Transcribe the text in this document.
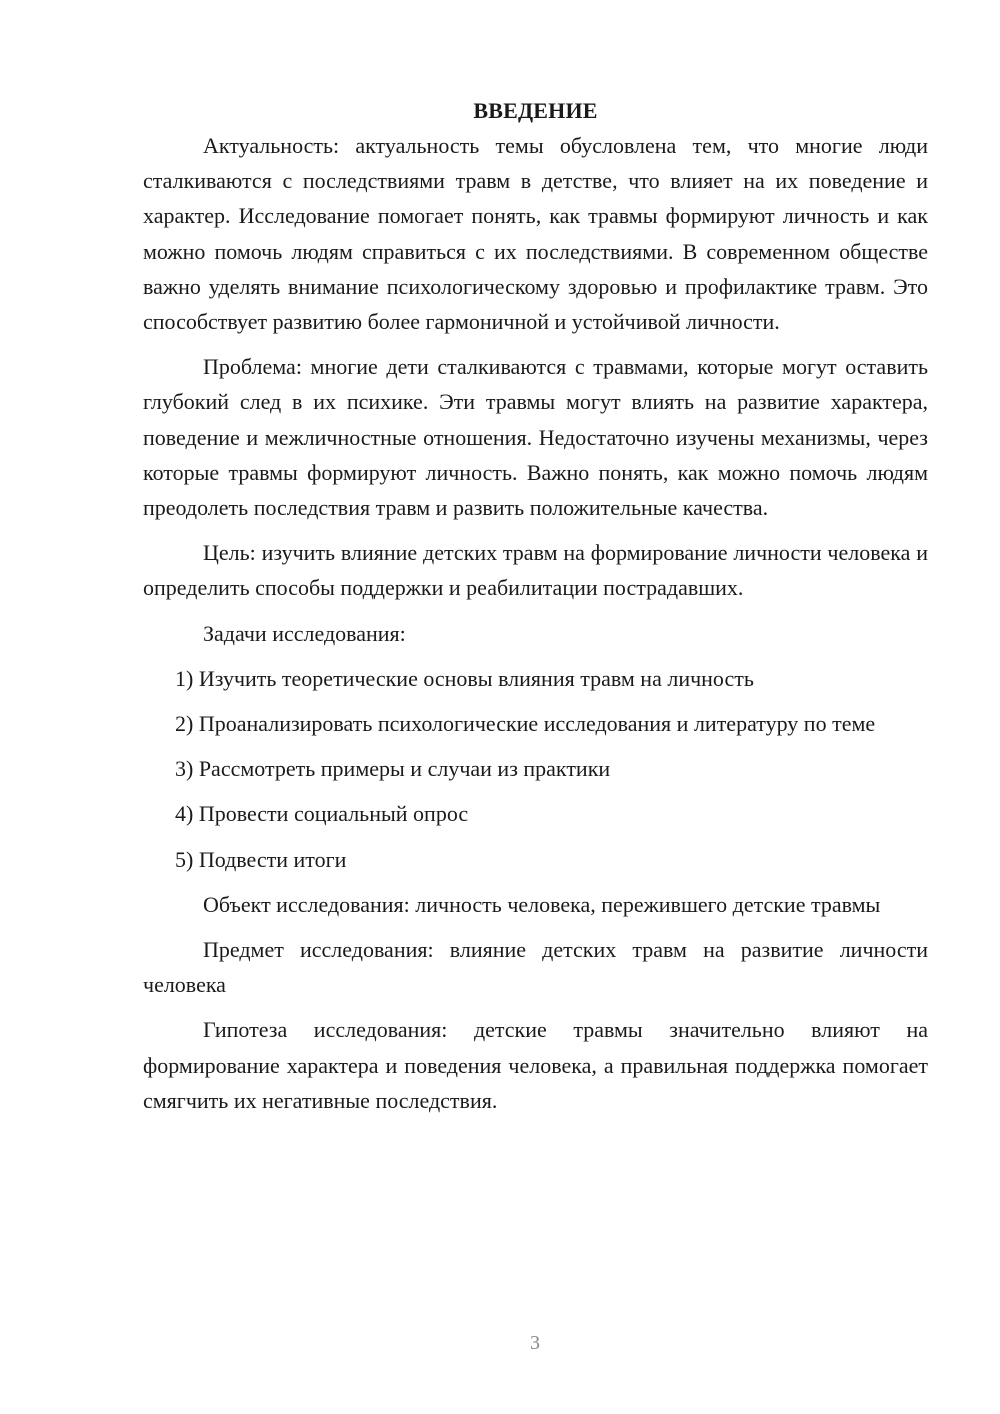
ВВЕДЕНИЕ

Актуальность: актуальность темы обусловлена тем, что многие люди сталкиваются с последствиями травм в детстве, что влияет на их поведение и характер. Исследование помогает понять, как травмы формируют личность и как можно помочь людям справиться с их последствиями. В современном обществе важно уделять внимание психологическому здоровью и профилактике травм. Это способствует развитию более гармоничной и устойчивой личности.

Проблема: многие дети сталкиваются с травмами, которые могут оставить глубокий след в их психике. Эти травмы могут влиять на развитие характера, поведение и межличностные отношения. Недостаточно изучены механизмы, через которые травмы формируют личность. Важно понять, как можно помочь людям преодолеть последствия травм и развить положительные качества.

Цель: изучить влияние детских травм на формирование личности человека и определить способы поддержки и реабилитации пострадавших.

Задачи исследования:

1) Изучить теоретические основы влияния травм на личность

2) Проанализировать психологические исследования и литературу по теме

3) Рассмотреть примеры и случаи из практики

4) Провести социальный опрос

5) Подвести итоги

Объект исследования: личность человека, пережившего детские травмы

Предмет исследования: влияние детских травм на развитие личности человека

Гипотеза исследования: детские травмы значительно влияют на формирование характера и поведения человека, а правильная поддержка помогает смягчить их негативные последствия.

3
